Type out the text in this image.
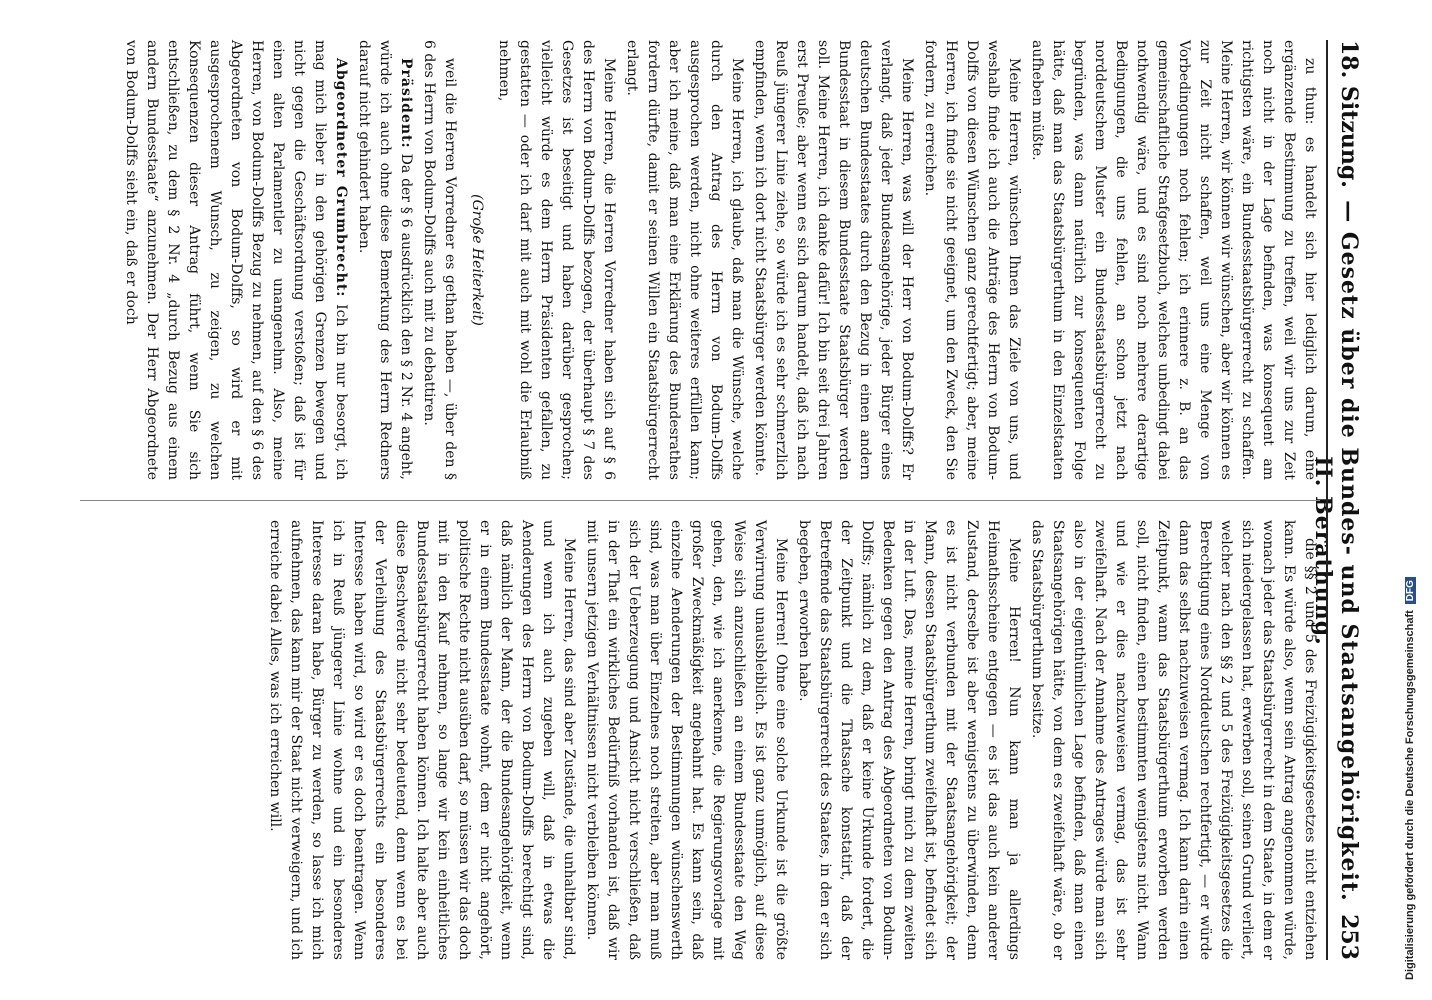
18. Sitzung.
— Gesetz über die Bundes- und Staatsangehörigkeit. II. Berathung.
253

zu thun: es handelt sich hier lediglich darum, eine ergänzende Bestimmung zu treffen, weil wir uns zur Zeit noch nicht in der Lage befinden, was konsequent am richtigsten wäre, ein Bundesstaatsbürgerrecht zu schaffen. Meine Herren, wir können wir wünschen, aber wir können es zur Zeit nicht schaffen, weil uns eine Menge von Vorbedingungen noch fehlen; ich erinnere z. B. an das gemeinschaftliche Strafgesetzbuch, welches unbedingt dabei nothwendig wäre, und es sind noch mehrere derartige Bedingungen, die uns fehlen, an schon jetzt nach norddeutschem Muster ein Bundesstaatsbürgerrecht zu begründen, was dann natürlich zur konsequenten Folge hätte, daß man das Staatsbürgerthum in den Einzelstaaten aufheben müßte.

Meine Herren, wünschen Ihnen das Ziele von uns, und weshalb finde ich auch die Anträge des Herrn von Bodum-Dolffs von diesen Wünschen ganz gerechtfertigt; aber, meine Herren, ich finde sie nicht geeignet, um den Zweck, den Sie fordern, zu erreichen.

Meine Herren, was will der Herr von Bodum-Dolffs? Er verlangt, daß jeder Bundesangehörige, jeder Bürger eines deutschen Bundesstaates durch den Bezug in einen andern Bundesstaat in diesem Bundesstaate Staatsbürger werden soll. Meine Herren, ich danke dafür! Ich bin seit drei Jahren erst Preuße; aber wenn es sich darum handelt, daß ich nach Reuß jüngerer Linie ziehe, so würde ich es sehr schmerzlich empfinden, wenn ich dort nicht Staatsbürger werden könnte.

Meine Herren, ich glaube, daß man die Wünsche, welche durch den Antrag des Herrn von Bodum-Dolffs ausgesprochen werden, nicht ohne weiteres erfüllen kann; aber ich meine, daß man eine Erklärung des Bundesrathes fordern dürfte, damit er seinen Willen ein Staatsbürgerrecht erlangt.

Meine Herren, die Herren Vorredner haben sich auf § 6 des Herrn von Bodum-Dolffs bezogen, der überhaupt § 7 des Gesetzes ist beseitigt und haben darüber gesprochen; vielleicht würde es dem Herrn Präsidenten gefallen, zu gestatten — oder ich darf mit auch mit wohl die Erlaubniß nehmen,

(Große Heiterkeit)

weil die Herren Vorredner es gethan haben —, über den § 6 des Herrn von Bodum-Dolffs auch mit zu debattiren.

Präsident: Da der § 6 ausdrücklich den § 2 Nr. 4 angeht, würde ich auch ohne diese Bemerkung des Herrn Redners darauf nicht gehindert haben.

Abgeordneter Grumbrecht: Ich bin nur besorgt, ich mag mich lieber in den gehörigen Grenzen bewegen und nicht gegen die Geschäftsordnung verstoßen; daß ist für einen alten Parlamentler zu unangenehm. Also, meine Herren, von Bodum-Dolffs Bezug zu nehmen, auf den § 6 des Abgeordneten von Bodum-Dolffs, so wird er mit ausgesprochenem Wunsch, zu zeigen, zu welchen Konsequenzen dieser Antrag führt, wenn Sie sich entschließen, zu dem § 2 Nr. 4 „durch Bezug aus einem andern Bundesstaate“ anzunehmen. Der Herr Abgeordnete von Bodum-Dolffs sieht ein, daß er doch

die §§ 2 und 5 des Freizügigkeitsgesetzes nicht entziehen kann. Es würde also, wenn sein Antrag angenommen würde, wonach jeder das Staatsbürgerrecht in dem Staate, in dem er sich niedergelassen hat, erwerben soll, seinen Grund verliert, welcher nach den §§ 2 und 5 des Freizügigkeitsgesetzes die Berechtigung eines Norddeutschen rechtfertigt, — er würde dann das selbst nachzuweisen vermag. Ich kann darin einen Zeitpunkt, wann das Staatsbürgerthum erworben werden soll, nicht finden, einen bestimmten wenigstens nicht. Wann und wie er dies nachzuweisen vermag, das ist sehr zweifelhaft. Nach der Annahme des Antrages würde man sich also in der eigenthümlichen Lage befinden, daß man einen Staatsangehörigen hätte, von dem es zweifelhaft wäre, ob er das Staatsbürgerthum besitze.

Meine Herren! Nun kann man ja allerdings Heimathsscheine entgegen — es ist das auch kein anderer Zustand, derselbe ist aber wenigstens zu überwinden, denn es ist nicht verbunden mit der Staatsangehörigkeit; der Mann, dessen Staatsbürgerthum zweifelhaft ist, befindet sich in der Luft. Das, meine Herren, bringt mich zu dem zweiten Bedenken gegen den Antrag des Abgeordneten von Bodum-Dolffs; nämlich zu dem, daß er keine Urkunde fordert, die der Zeitpunkt und die Thatsache konstatirt, daß der Betreffende das Staatsbürgerrecht des Staates, in den er sich begeben, erworben habe.

Meine Herren! Ohne eine solche Urkunde ist die größte Verwirrung unausbleiblich. Es ist ganz unmöglich, auf diese Weise sich anzuschließen an einem Bundesstaate den Weg gehen, den, wie ich anerkenne, die Regierungsvorlage mit großer Zweckmäßigkeit angebahnt hat. Es kann sein, daß einzelne Aenderungen der Bestimmungen wünschenswerth sind, was man über Einzelnes noch streiten, aber man muß sich der Ueberzeugung und Ansicht nicht verschließen, daß in der That ein wirkliches Bedürfniß vorhanden ist, daß wir mit unsern jetzigen Verhältnissen nicht verbleiben können.

Meine Herren, das sind aber Zustände, die unhaltbar sind, und wenn ich auch zugeben will, daß in etwas die Aenderungen des Herrn von Bodum-Dolffs berechtigt sind, daß nämlich der Mann, der die Bundesangehörigkeit, wenn er in einem Bundesstaate wohnt, dem er nicht angehört, politische Rechte nicht ausüben darf, so müssen wir das doch mit in den Kauf nehmen, so lange wir kein einheitliches Bundesstaatsbürgerrecht haben können. Ich halte aber auch diese Beschwerde nicht sehr bedeutend, denn wenn es bei der Verleihung des Staatsbürgerrechts ein besonderes Interesse haben wird, so wird er es doch beantragen. Wenn ich in Reuß jüngerer Linie wohne und ein besonderes Interesse daran habe, Bürger zu werden, so lasse ich mich aufnehmen, das kann mir der Staat nicht verweigern, und ich erreiche dabei Alles, was ich erreichen will.	Digitalisierung gefördert durch die Deutsche ForschungsgemeinschaftDFG
